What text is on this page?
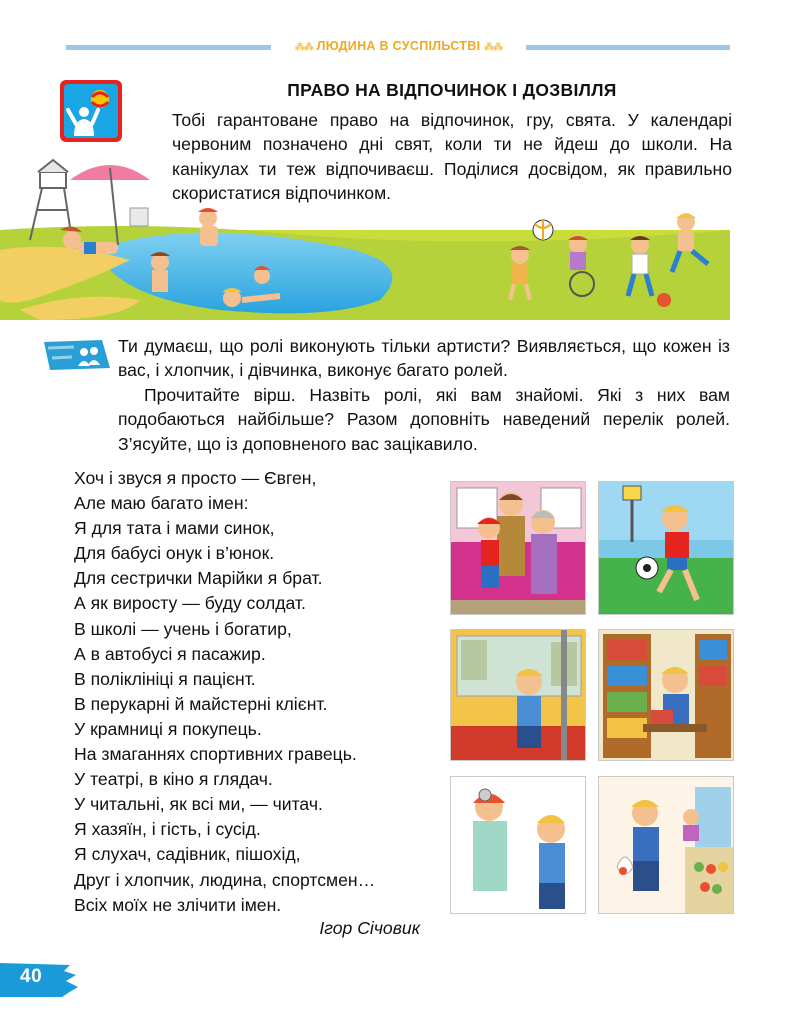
⁂⁂ ЛЮДИНА В СУСПІЛЬСТВІ ⁂⁂
ПРАВО НА ВІДПОЧИНОК І ДОЗВІЛЛЯ

Тобі гарантоване право на відпочинок, гру, свята. У календарі червоним позначено дні свят, коли ти не йдеш до школи. На канікулах ти теж відпочиваєш. Поділися досвідом, як правильно скористатися відпочинком.

Ти думаєш, що ролі виконують тільки артисти? Виявляється, що кожен із вас, і хлопчик, і дівчинка, виконує багато ролей.

Прочитайте вірш. Назвіть ролі, які вам знайомі. Які з них вам подобаються найбільше? Разом доповніть наведений перелік ролей. З’ясуйте, що із доповненого вас зацікавило.

Хоч і звуся я просто — Євген,
Але маю багато імен:
Я для тата і мами синок,
Для бабусі онук і в’юнок.
Для сестрички Марійки я брат.
А як виросту — буду солдат.
В школі — учень і богатир,
А в автобусі я пасажир.
В поліклініці я пацієнт.
В перукарні й майстерні клієнт.
У крамниці я покупець.
На змаганнях спортивних гравець.
У театрі, в кіно я глядач.
У читальні, як всі ми, — читач.
Я хазяїн, і гість, і сусід.
Я слухач, садівник, пішохід,
Друг і хлопчик, людина, спортсмен…
Всіх моїх не злічити імен.
Ігор Січовик
40
